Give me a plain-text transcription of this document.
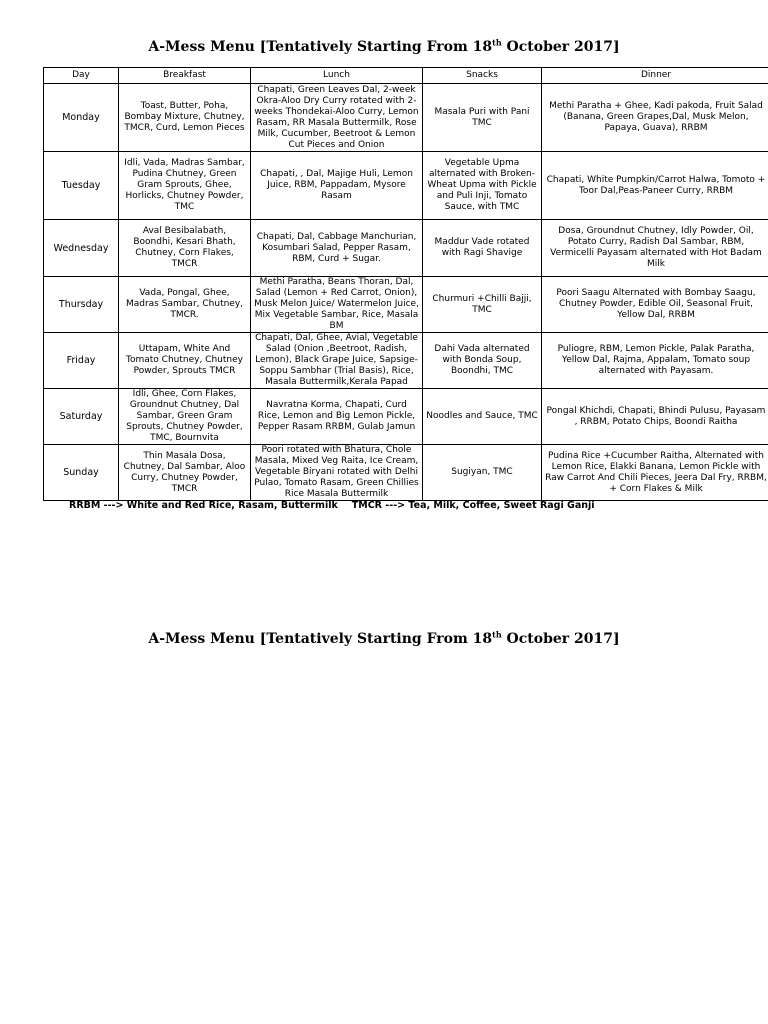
A-Mess Menu [Tentatively Starting From 18th October 2017]
Day	Breakfast	Lunch	Snacks	Dinner
Monday	Toast, Butter, Poha, Bombay Mixture, Chutney, TMCR, Curd, Lemon Pieces	Chapati, Green Leaves Dal, 2-week Okra-Aloo Dry Curry rotated with 2-weeks Thondekai-Aloo Curry, Lemon Rasam, RR Masala Buttermilk, Rose Milk, Cucumber, Beetroot & Lemon Cut Pieces and Onion	Masala Puri with Pani TMC	Methi Paratha + Ghee, Kadi pakoda, Fruit Salad (Banana, Green Grapes,Dal, Musk Melon, Papaya, Guava), RRBM
Tuesday	Idli, Vada, Madras Sambar, Pudina Chutney, Green Gram Sprouts, Ghee, Horlicks, Chutney Powder, TMC	Chapati, , Dal, Majige Huli, Lemon Juice, RBM, Pappadam, Mysore Rasam	Vegetable Upma alternated with Broken-Wheat Upma with Pickle and Puli Inji, Tomato Sauce, with TMC	Chapati, White Pumpkin/Carrot Halwa, Tomoto + Toor Dal,Peas-Paneer Curry, RRBM
Wednesday	Aval Besibalabath, Boondhi, Kesari Bhath, Chutney, Corn Flakes, TMCR	Chapati, Dal, Cabbage Manchurian, Kosumbari Salad, Pepper Rasam, RBM, Curd + Sugar.	Maddur Vade rotated with Ragi Shavige	Dosa, Groundnut Chutney, Idly Powder, Oil, Potato Curry, Radish Dal Sambar, RBM, Vermicelli Payasam alternated with Hot Badam Milk
Thursday	Vada, Pongal, Ghee, Madras Sambar, Chutney, TMCR.	Methi Paratha, Beans Thoran, Dal, Salad (Lemon + Red Carrot, Onion), Musk Melon Juice/ Watermelon Juice, Mix Vegetable Sambar, Rice, Masala BM	Churmuri +Chilli Bajji, TMC	Poori Saagu Alternated with Bombay Saagu, Chutney Powder, Edible Oil, Seasonal Fruit, Yellow Dal, RRBM
Friday	Uttapam, White And Tomato Chutney, Chutney Powder, Sprouts TMCR	Chapati, Dal, Ghee, Avial, Vegetable Salad (Onion ,Beetroot, Radish, Lemon), Black Grape Juice, Sapsige-Soppu Sambhar (Trial Basis), Rice, Masala Buttermilk,Kerala Papad	Dahi Vada alternated with Bonda Soup, Boondhi, TMC	Puliogre, RBM, Lemon Pickle, Palak Paratha, Yellow Dal, Rajma, Appalam, Tomato soup alternated with Payasam.
Saturday	Idli, Ghee, Corn Flakes, Groundnut Chutney, Dal Sambar, Green Gram Sprouts, Chutney Powder, TMC, Bournvita	Navratna Korma, Chapati, Curd Rice, Lemon and Big Lemon Pickle, Pepper Rasam RRBM, Gulab Jamun	Noodles and Sauce, TMC	Pongal Khichdi, Chapati, Bhindi Pulusu, Payasam , RRBM, Potato Chips, Boondi Raitha
Sunday	Thin Masala Dosa, Chutney, Dal Sambar, Aloo Curry, Chutney Powder, TMCR	Poori rotated with Bhatura, Chole Masala, Mixed Veg Raita, Ice Cream, Vegetable Biryani rotated with Delhi Pulao, Tomato Rasam, Green Chillies Rice Masala Buttermilk	Sugiyan, TMC	Pudina Rice +Cucumber Raitha, Alternated with Lemon Rice, Elakki Banana, Lemon Pickle with Raw Carrot And Chili Pieces, Jeera Dal Fry, RRBM, + Corn Flakes & Milk
RRBM ---> White and Red Rice, Rasam, Buttermilk TMCR ---> Tea, Milk, Coffee, Sweet Ragi Ganji
A-Mess Menu [Tentatively Starting From 18th October 2017]
